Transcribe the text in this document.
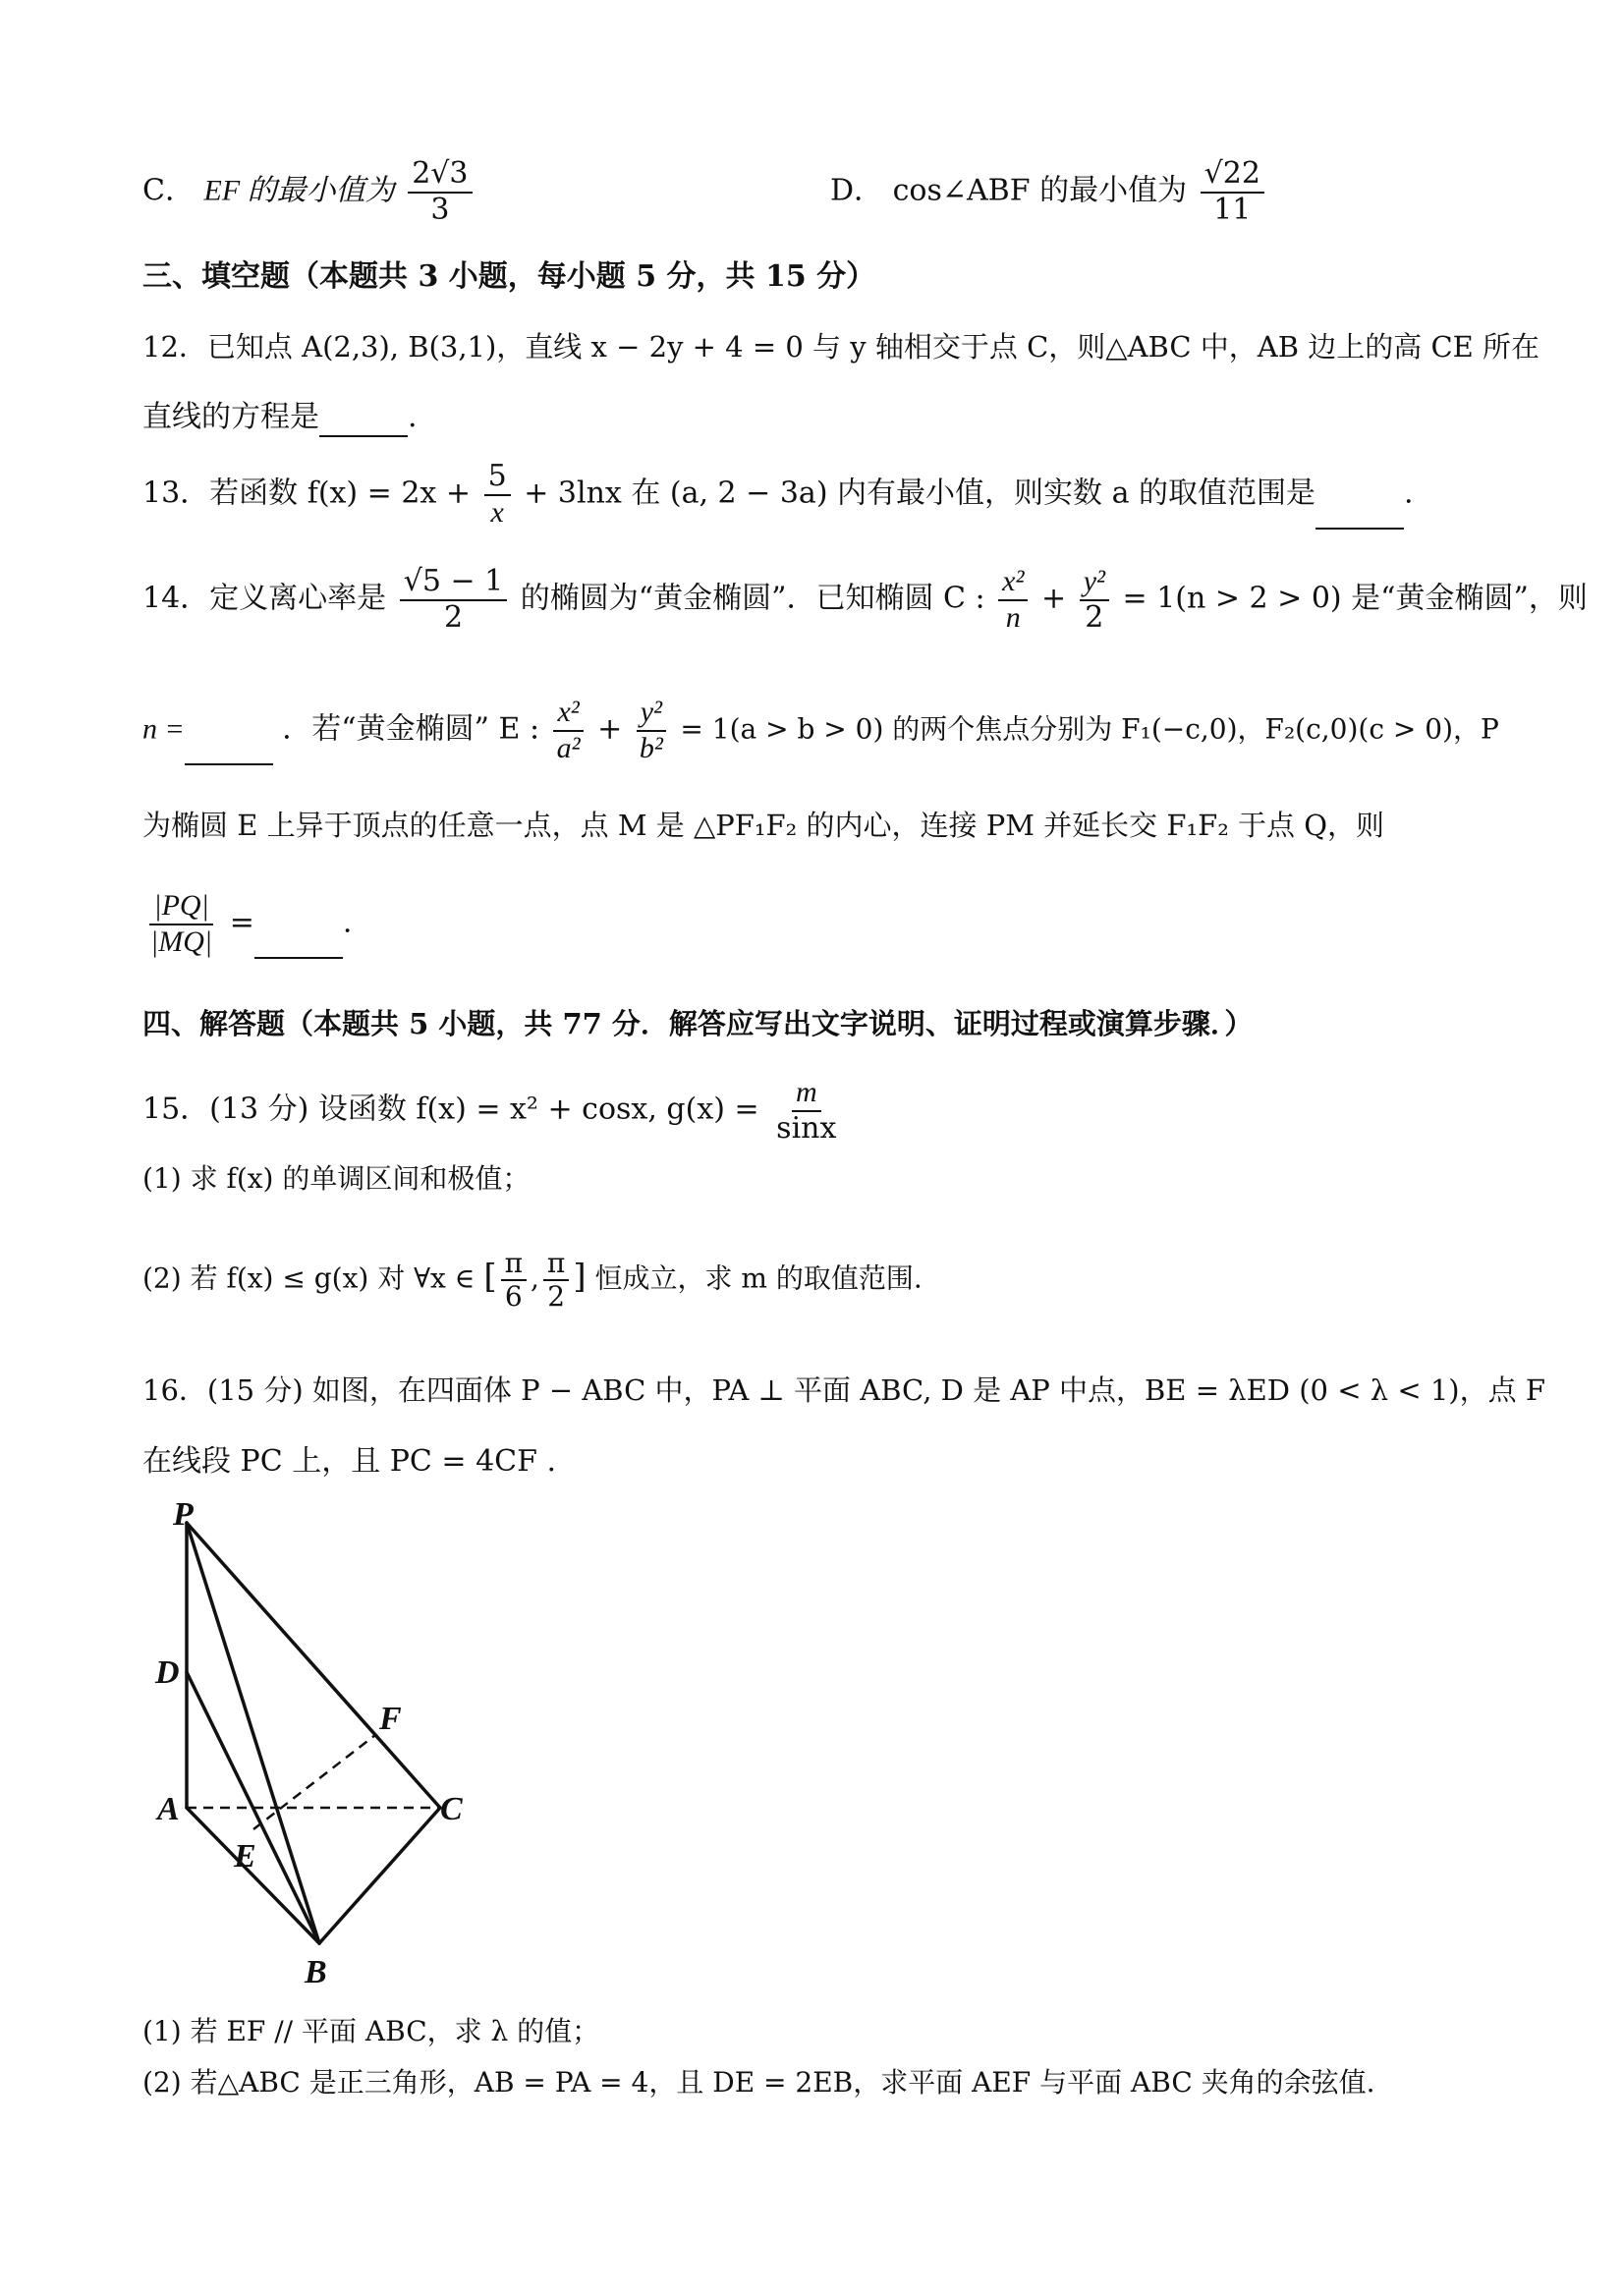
C． EF 的最小值为 $\frac{2√3}{3}$	D． cos∠ABF 的最小值为 $\frac{√22}{11}$
三、填空题（本题共 3 小题，每小题 5 分，共 15 分）
12．已知点 A(2,3), B(3,1)，直线 x − 2y + 4 = 0 与 y 轴相交于点 C，则△ABC 中，AB 边上的高 CE 所在
直线的方程是	.
13．若函数 $f(x) = 2x + \frac{5}{x} + 3\ln x$ 在 (a, 2 − 3a) 内有最小值，则实数 a 的取值范围是	.
14．定义离心率是 $\frac{√5 - 1}{2}$ 的椭圆为“黄金椭圆”．已知椭圆 C : $\frac{\text{x²}}{n} + \frac{\text{y²}}{2} = 1(n > 2 > 0)$ 是“黄金椭圆”，则
n =	．若“黄金椭圆” E : $\frac{\text{x²}}{\text{a²}} + \frac{\text{y²}}{\text{b²}} = 1(a > b > 0)$ 的两个焦点分别为 F₁(−c,0)，F₂(c,0)(c > 0)，P
为椭圆 E 上异于顶点的任意一点，点 M 是 △PF₁F₂ 的内心，连接 PM 并延长交 F₁F₂ 于点 Q，则
$\frac{|PQ|}{|MQ|}$ =	.
四、解答题（本题共 5 小题，共 77 分．解答应写出文字说明、证明过程或演算步骤．）
15．(13 分) 设函数 f(x) = x² + cosx, $g(x) = \frac{m}{\sin x}$
(1) 求 f(x) 的单调区间和极值；
(2) 若 f(x) ≤ g(x) 对 ∀x ∈ [ $\frac{\pi}{6}$ , $\frac{\pi}{2}$ ] 恒成立，求 m 的取值范围.
16．(15 分) 如图，在四面体 P − ABC 中，PA ⊥ 平面 ABC, D 是 AP 中点，BE = λED (0 < λ < 1)，点 F
在线段 PC 上，且 PC = 4CF .
P
D
A
E
F
C
B
(1) 若 EF // 平面 ABC，求 λ 的值；
(2) 若△ABC 是正三角形，AB = PA = 4，且 DE = 2EB，求平面 AEF 与平面 ABC 夹角的余弦值.
